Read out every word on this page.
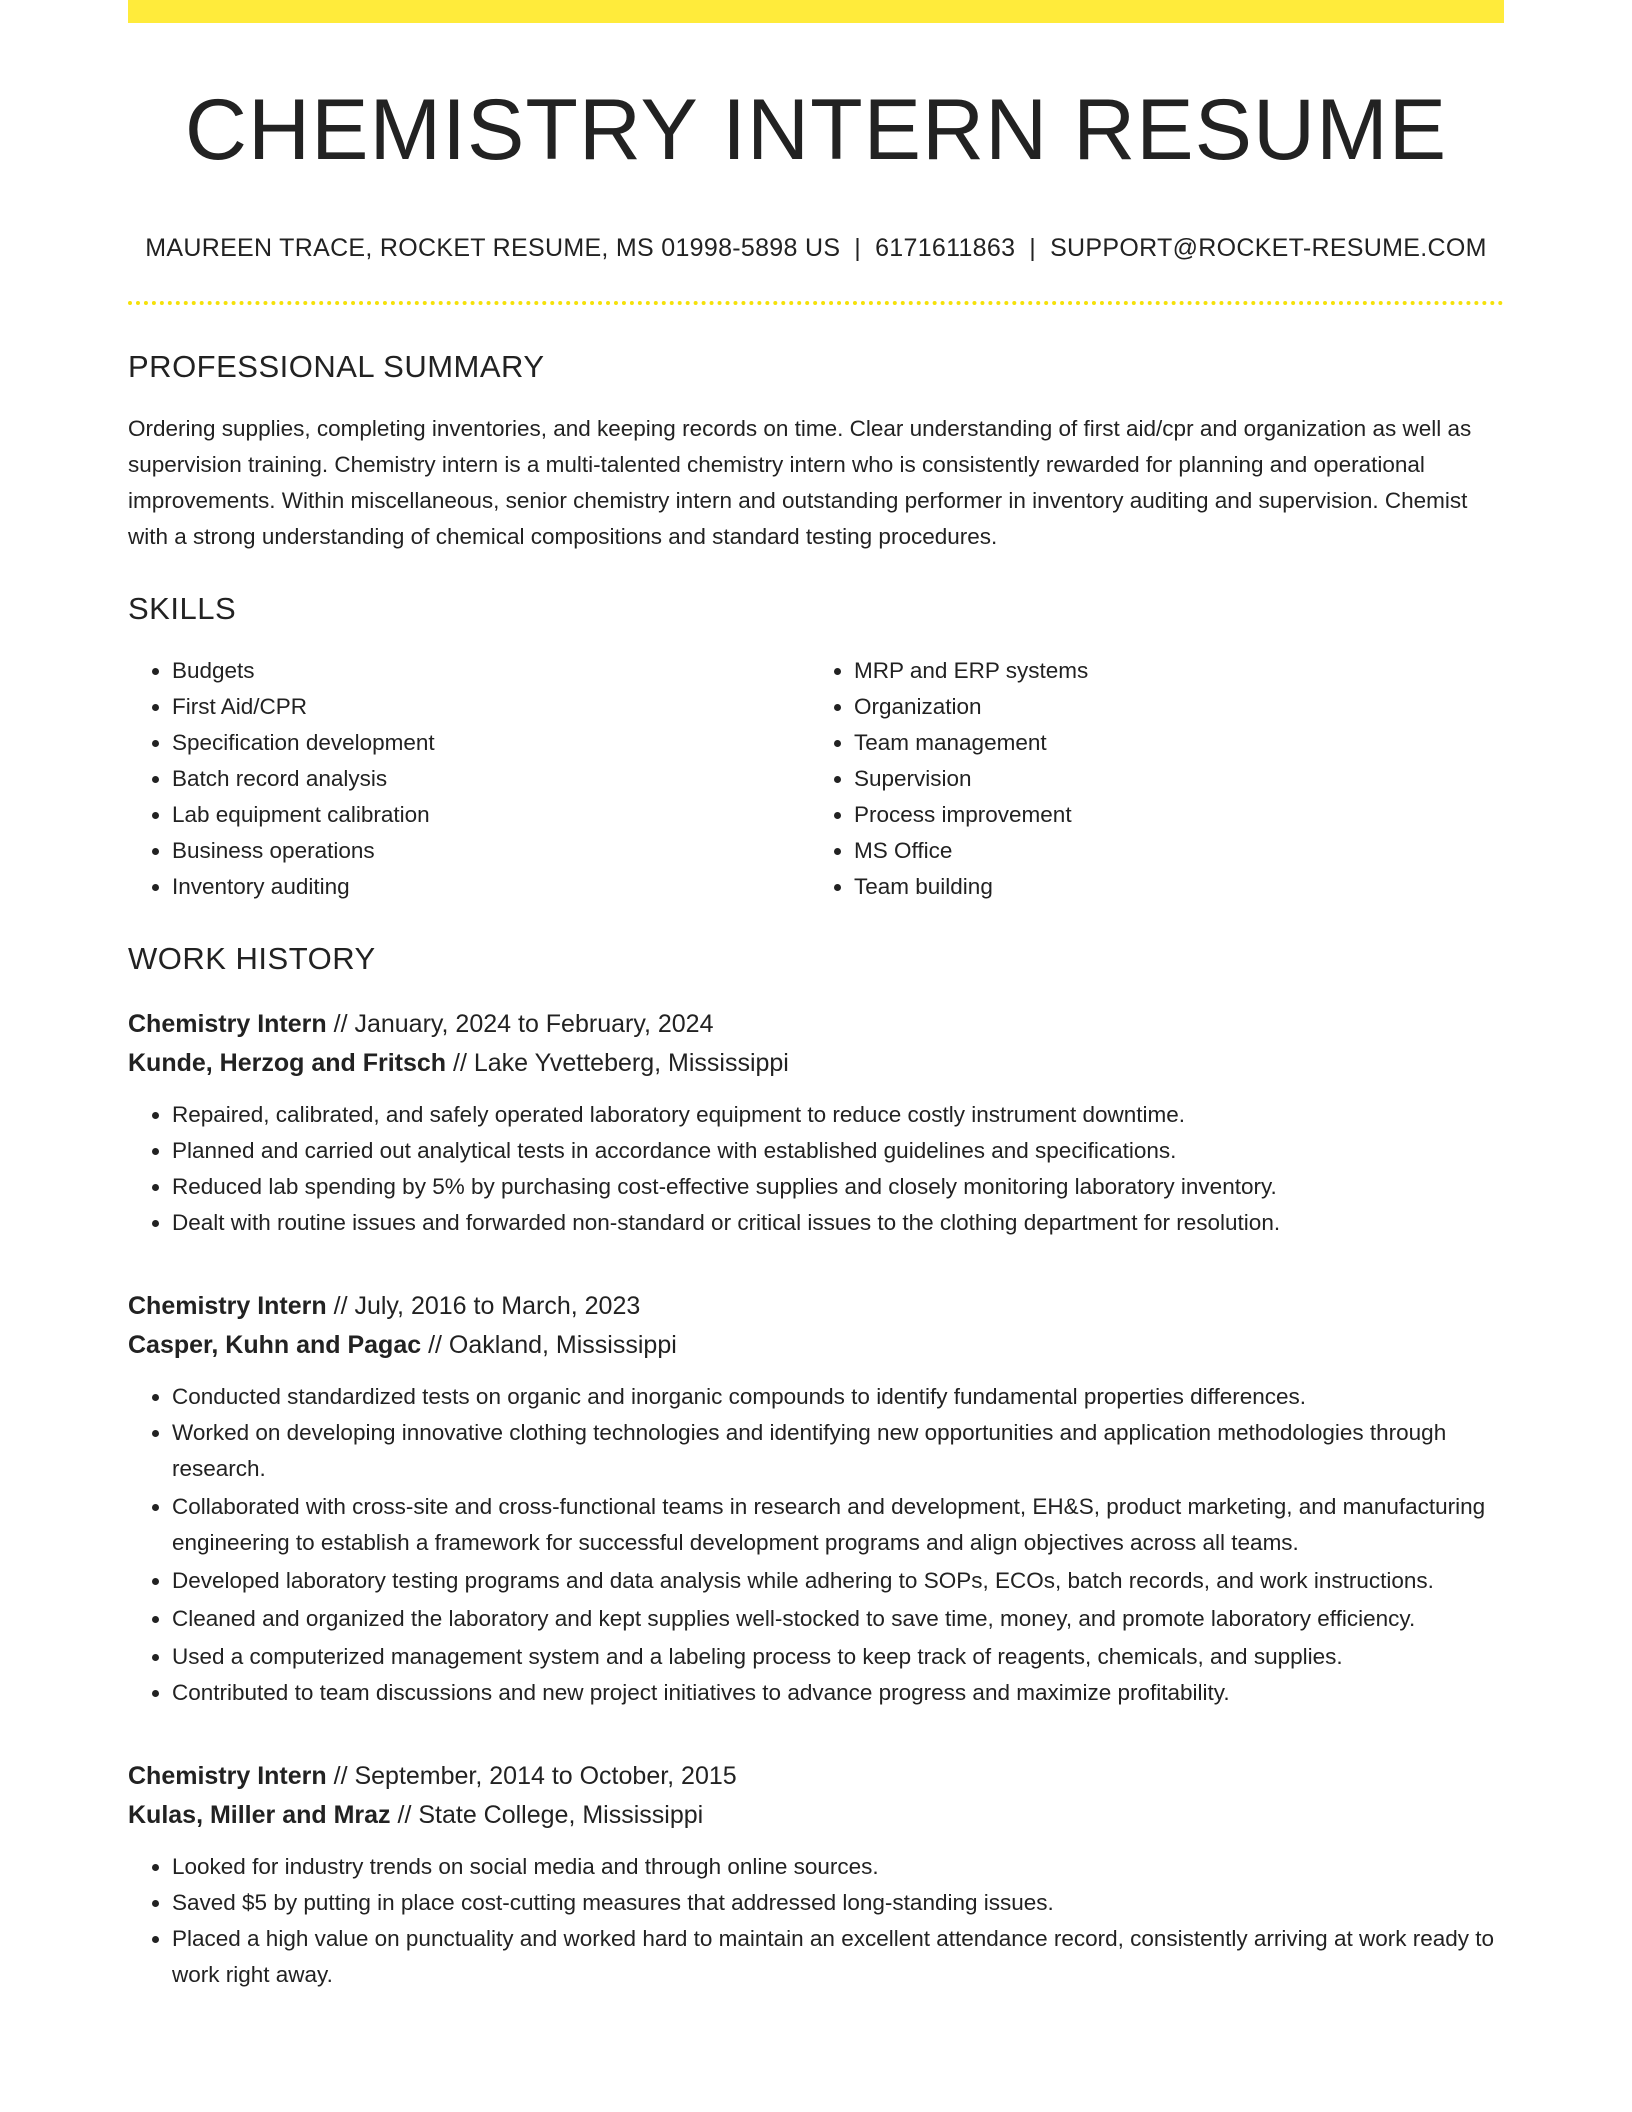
CHEMISTRY INTERN RESUME
MAUREEN TRACE, ROCKET RESUME, MS 01998-5898 US | 6171611863 | SUPPORT@ROCKET-RESUME.COM
PROFESSIONAL SUMMARY

Ordering supplies, completing inventories, and keeping records on time. Clear understanding of first aid/cpr and organization as well as supervision training. Chemistry intern is a multi-talented chemistry intern who is consistently rewarded for planning and operational improvements. Within miscellaneous, senior chemistry intern and outstanding performer in inventory auditing and supervision. Chemist with a strong understanding of chemical compositions and standard testing procedures.

SKILLS
• Budgets
• First Aid/CPR
• Specification development
• Batch record analysis
• Lab equipment calibration
• Business operations
• Inventory auditing
• MRP and ERP systems
• Organization
• Team management
• Supervision
• Process improvement
• MS Office
• Team building
WORK HISTORY
Chemistry Intern // January, 2024 to February, 2024
Kunde, Herzog and Fritsch // Lake Yvetteberg, Mississippi
• Repaired, calibrated, and safely operated laboratory equipment to reduce costly instrument downtime.
• Planned and carried out analytical tests in accordance with established guidelines and specifications.
• Reduced lab spending by 5% by purchasing cost-effective supplies and closely monitoring laboratory inventory.
• Dealt with routine issues and forwarded non-standard or critical issues to the clothing department for resolution.
Chemistry Intern // July, 2016 to March, 2023
Casper, Kuhn and Pagac // Oakland, Mississippi
• Conducted standardized tests on organic and inorganic compounds to identify fundamental properties differences.
• Worked on developing innovative clothing technologies and identifying new opportunities and application methodologies through research.
• Collaborated with cross-site and cross-functional teams in research and development, EH&S, product marketing, and manufacturing engineering to establish a framework for successful development programs and align objectives across all teams.
• Developed laboratory testing programs and data analysis while adhering to SOPs, ECOs, batch records, and work instructions.
• Cleaned and organized the laboratory and kept supplies well-stocked to save time, money, and promote laboratory efficiency.
• Used a computerized management system and a labeling process to keep track of reagents, chemicals, and supplies.
• Contributed to team discussions and new project initiatives to advance progress and maximize profitability.
Chemistry Intern // September, 2014 to October, 2015
Kulas, Miller and Mraz // State College, Mississippi
• Looked for industry trends on social media and through online sources.
• Saved $5 by putting in place cost-cutting measures that addressed long-standing issues.
• Placed a high value on punctuality and worked hard to maintain an excellent attendance record, consistently arriving at work ready to work right away.
